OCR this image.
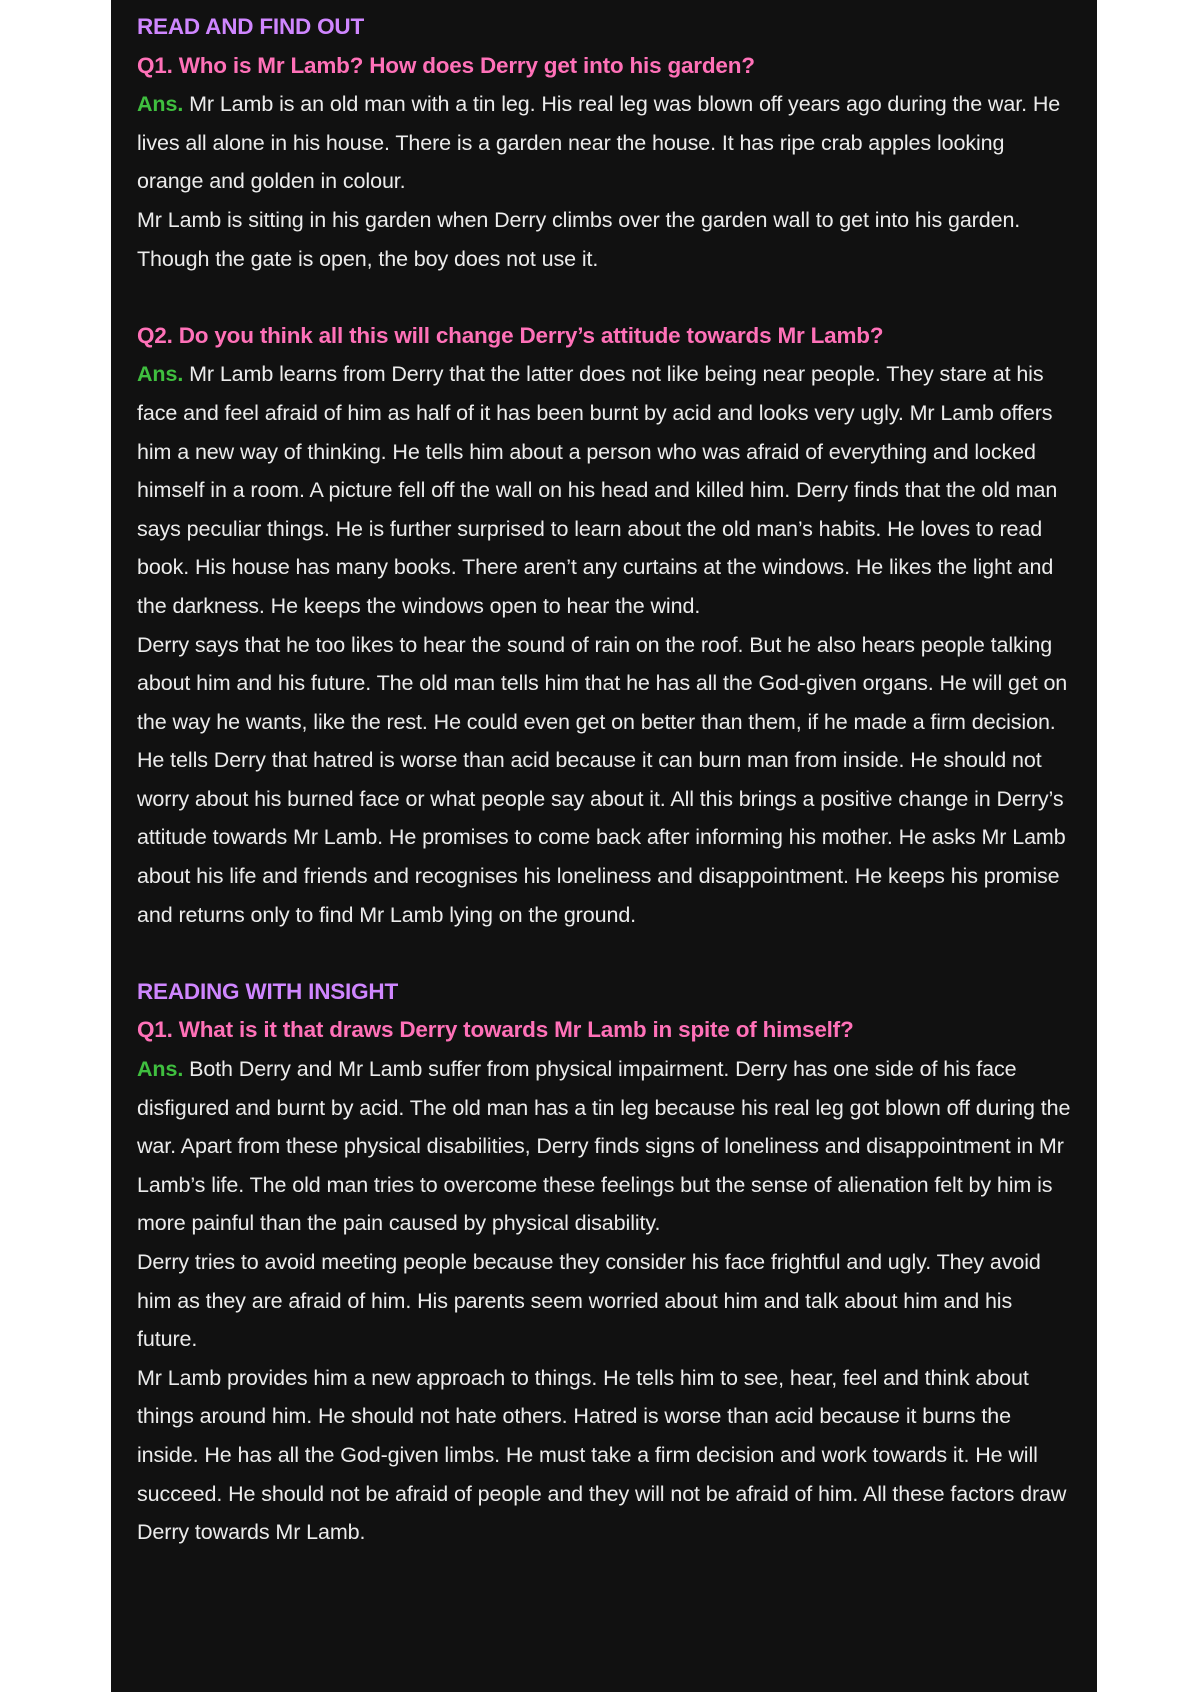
READ AND FIND OUT
Q1. Who is Mr Lamb? How does Derry get into his garden?
Ans. Mr Lamb is an old man with a tin leg. His real leg was blown off years ago during the war. He lives all alone in his house. There is a garden near the house. It has ripe crab apples looking orange and golden in colour.
Mr Lamb is sitting in his garden when Derry climbs over the garden wall to get into his garden. Though the gate is open, the boy does not use it.
Q2. Do you think all this will change Derry’s attitude towards Mr Lamb?
Ans. Mr Lamb learns from Derry that the latter does not like being near people. They stare at his face and feel afraid of him as half of it has been burnt by acid and looks very ugly. Mr Lamb offers him a new way of thinking. He tells him about a person who was afraid of everything and locked himself in a room. A picture fell off the wall on his head and killed him. Derry finds that the old man says peculiar things. He is further surprised to learn about the old man’s habits. He loves to read book. His house has many books. There aren’t any curtains at the windows. He likes the light and the darkness. He keeps the windows open to hear the wind.
Derry says that he too likes to hear the sound of rain on the roof. But he also hears people talking about him and his future. The old man tells him that he has all the God-given organs. He will get on the way he wants, like the rest. He could even get on better than them, if he made a firm decision. He tells Derry that hatred is worse than acid because it can burn man from inside. He should not worry about his burned face or what people say about it. All this brings a positive change in Derry’s attitude towards Mr Lamb. He promises to come back after informing his mother. He asks Mr Lamb about his life and friends and recognises his loneliness and disappointment. He keeps his promise and returns only to find Mr Lamb lying on the ground.
READING WITH INSIGHT
Q1. What is it that draws Derry towards Mr Lamb in spite of himself?
Ans. Both Derry and Mr Lamb suffer from physical impairment. Derry has one side of his face disfigured and burnt by acid. The old man has a tin leg because his real leg got blown off during the war. Apart from these physical disabilities, Derry finds signs of loneliness and disappointment in Mr Lamb’s life. The old man tries to overcome these feelings but the sense of alienation felt by him is more painful than the pain caused by physical disability.
Derry tries to avoid meeting people because they consider his face frightful and ugly. They avoid him as they are afraid of him. His parents seem worried about him and talk about him and his future.
Mr Lamb provides him a new approach to things. He tells him to see, hear, feel and think about things around him. He should not hate others. Hatred is worse than acid because it burns the inside. He has all the God-given limbs. He must take a firm decision and work towards it. He will succeed. He should not be afraid of people and they will not be afraid of him. All these factors draw Derry towards Mr Lamb.
